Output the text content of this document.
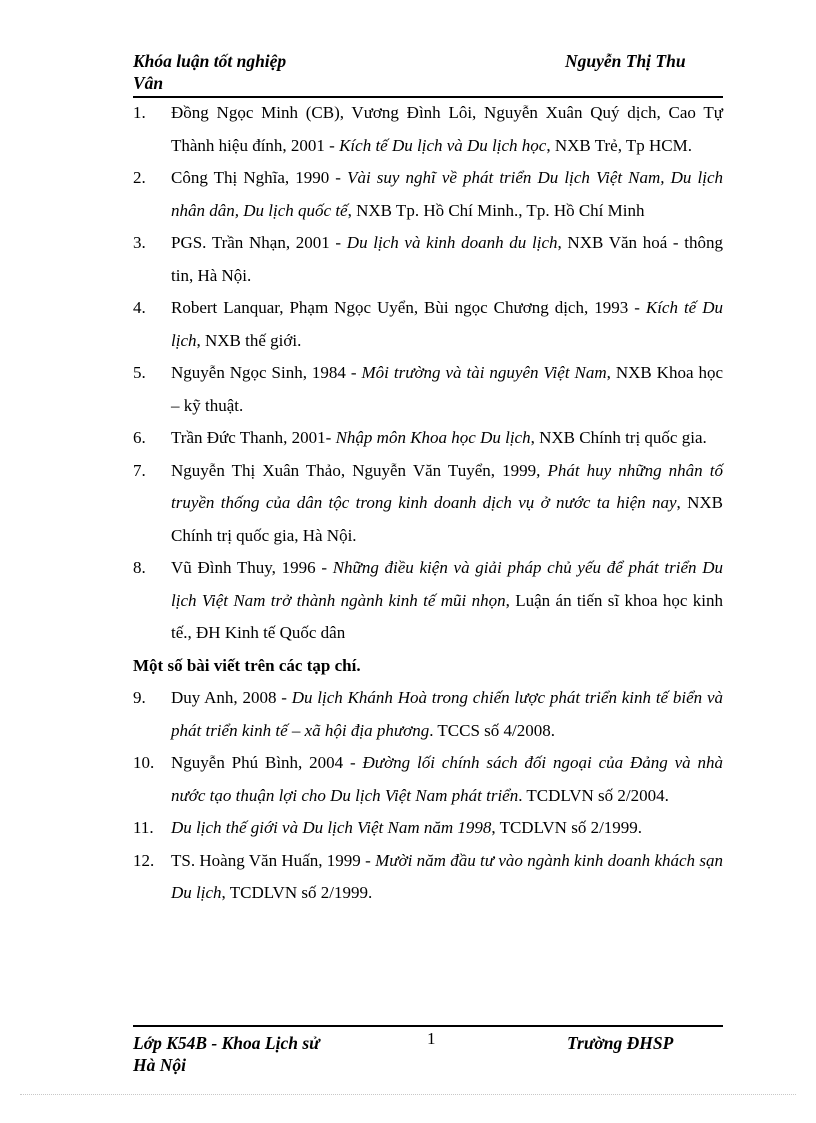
Khóa luận tốt nghiệp	Nguyễn Thị Thu
Vân
1. Đồng Ngọc Minh (CB), Vương Đình Lôi, Nguyễn Xuân Quý dịch, Cao Tự Thành hiệu đính, 2001 - Kích tế Du lịch và Du lịch học, NXB Trẻ, Tp HCM.
2. Công Thị Nghĩa, 1990 - Vài suy nghĩ về phát triển Du lịch Việt Nam, Du lịch nhân dân, Du lịch quốc tế, NXB Tp. Hồ Chí Minh., Tp. Hồ Chí Minh
3. PGS. Trần Nhạn, 2001 - Du lịch và kinh doanh du lịch, NXB Văn hoá - thông tin, Hà Nội.
4. Robert Lanquar, Phạm Ngọc Uyển, Bùi ngọc Chương dịch, 1993 - Kích tế Du lịch, NXB thế giới.
5. Nguyễn Ngọc Sinh, 1984 - Môi trường và tài nguyên Việt Nam, NXB Khoa học – kỹ thuật.
6. Trần Đức Thanh, 2001- Nhập môn Khoa học Du lịch, NXB Chính trị quốc gia.
7. Nguyễn Thị Xuân Thảo, Nguyễn Văn Tuyển, 1999, Phát huy những nhân tố truyền thống của dân tộc trong kinh doanh dịch vụ ở nước ta hiện nay, NXB Chính trị quốc gia, Hà Nội.
8. Vũ Đình Thuy, 1996 - Những điều kiện và giải pháp chủ yếu để phát triển Du lịch Việt Nam trở thành ngành kinh tế mũi nhọn, Luận án tiến sĩ khoa học kinh tế., ĐH Kinh tế Quốc dân
Một số bài viết trên các tạp chí.
9. Duy Anh, 2008 - Du lịch Khánh Hoà trong chiến lược phát triển kinh tế biển và phát triển kinh tế – xã hội địa phương. TCCS số 4/2008.
10. Nguyễn Phú Bình, 2004 - Đường lối chính sách đối ngoại của Đảng và nhà nước tạo thuận lợi cho Du lịch Việt Nam phát triển. TCDLVN số 2/2004.
11. Du lịch thế giới và Du lịch Việt Nam năm 1998, TCDLVN số 2/1999.
12. TS. Hoàng Văn Huấn, 1999 - Mười năm đầu tư vào ngành kinh doanh khách sạn Du lịch, TCDLVN số 2/1999.
Lớp K54B - Khoa Lịch sử	1	Trường ĐHSP
Hà Nội
